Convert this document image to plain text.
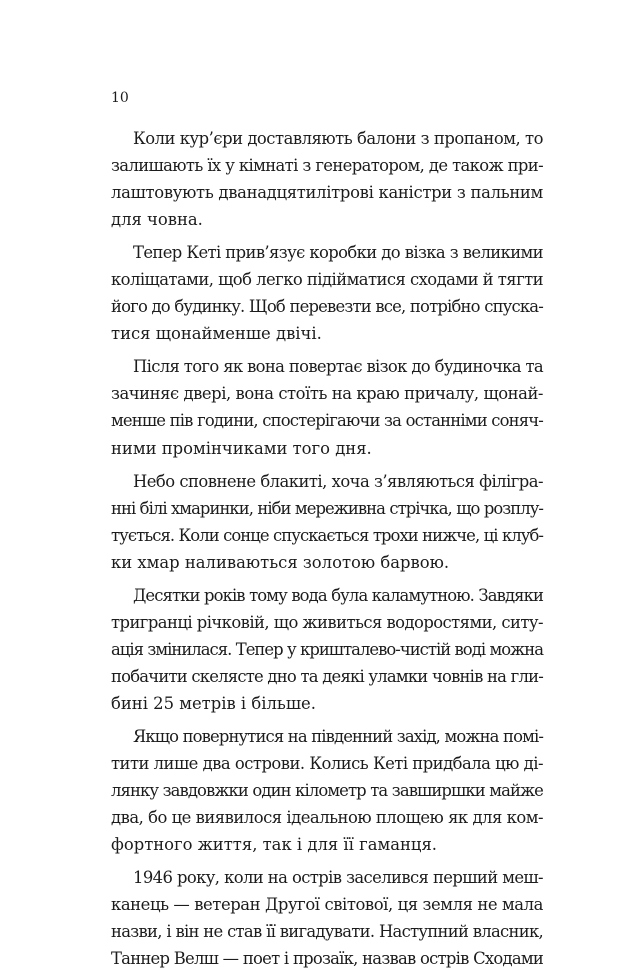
10
Коли кур’єри доставляють балони з пропаном, то
залишають їх у кімнаті з генератором, де також при-
лаштовують дванадцятилітрові каністри з пальним
для човна.
Тепер Кеті прив’язує коробки до візка з великими
коліщатами, щоб легко підійматися сходами й тягти
його до будинку. Щоб перевезти все, потрібно спуска-
тися щонайменше двічі.
Після того як вона повертає візок до будиночка та
зачиняє двері, вона стоїть на краю причалу, щонай-
менше пів години, спостерігаючи за останніми соняч-
ними промінчиками того дня.
Небо сповнене блакиті, хоча з’являються філігра-
нні білі хмаринки, ніби мереживна стрічка, що розплу-
тується. Коли сонце спускається трохи нижче, ці клуб-
ки хмар наливаються золотою барвою.
Десятки років тому вода була каламутною. Завдяки
тригранці річковій, що живиться водоростями, ситу-
ація змінилася. Тепер у кришталево-чистій воді можна
побачити скелясте дно та деякі уламки човнів на гли-
бині 25 метрів і більше.
Якщо повернутися на південний захід, можна помі-
тити лише два острови. Колись Кеті придбала цю ді-
лянку завдовжки один кілометр та завширшки майже
два, бо це виявилося ідеальною площею як для ком-
фортного життя, так і для її гаманця.
1946 року, коли на острів заселився перший меш-
канець — ветеран Другої світової, ця земля не мала
назви, і він не став її вигадувати. Наступний власник,
Таннер Велш — поет і прозаїк, назвав острів Сходами
